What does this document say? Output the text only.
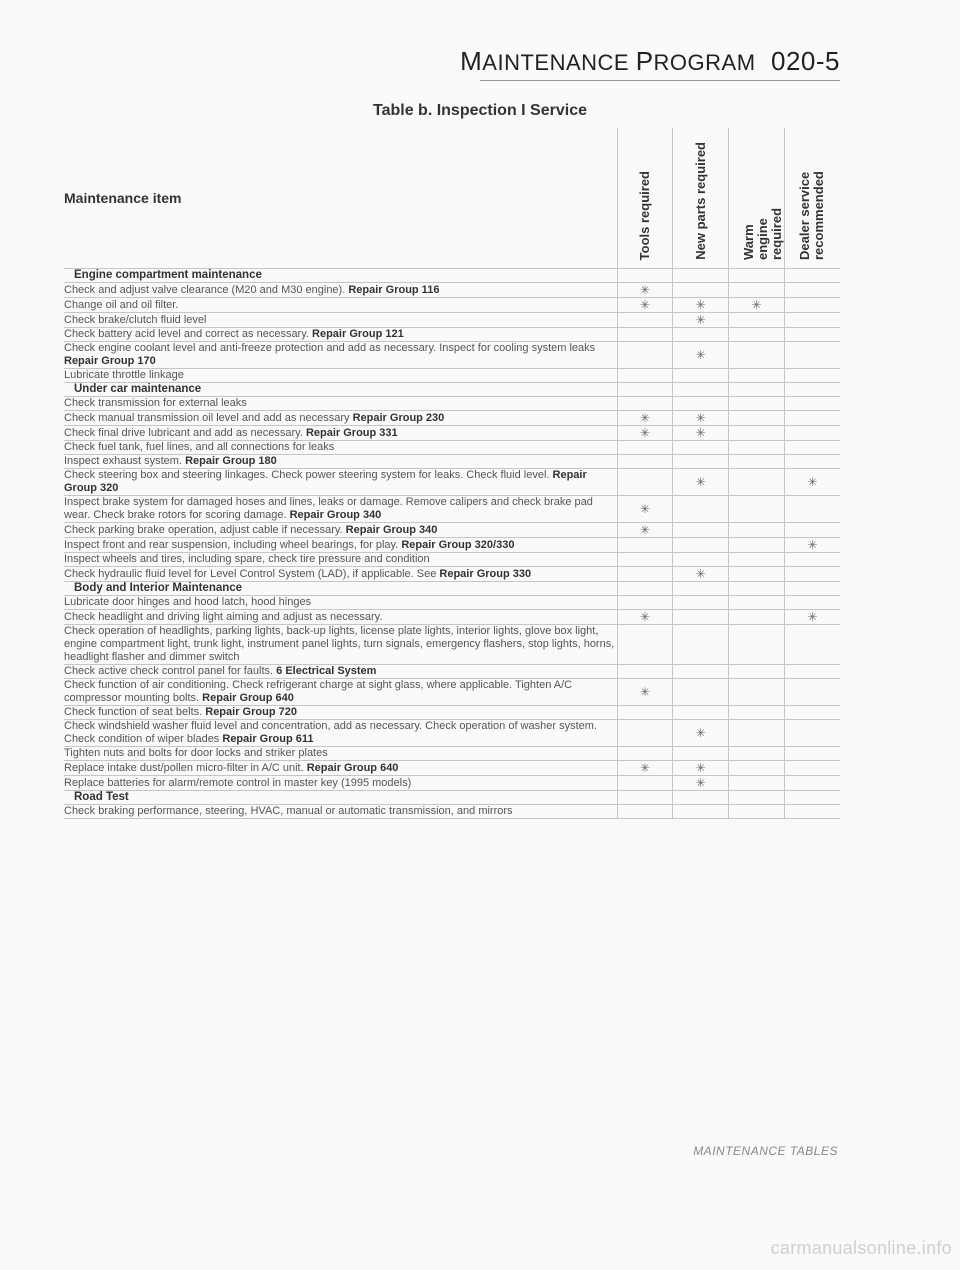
MAINTENANCE PROGRAM 020-5
Table b. Inspection I Service
Maintenance item	Tools required	New parts required	Warm engine required	Dealer service recommended

Engine compartment maintenance				
Check and adjust valve clearance (M20 and M30 engine). Repair Group 116	✳			
Change oil and oil filter.	✳	✳	✳	
Check brake/clutch fluid level		✳		
Check battery acid level and correct as necessary. Repair Group 121				
Check engine coolant level and anti-freeze protection and add as necessary. Inspect for cooling system leaks Repair Group 170		✳		
Lubricate throttle linkage				
Under car maintenance				
Check transmission for external leaks				
Check manual transmission oil level and add as necessary Repair Group 230	✳	✳		
Check final drive lubricant and add as necessary. Repair Group 331	✳	✳		
Check fuel tank, fuel lines, and all connections for leaks				
Inspect exhaust system. Repair Group 180				
Check steering box and steering linkages. Check power steering system for leaks. Check fluid level. Repair Group 320		✳		✳
Inspect brake system for damaged hoses and lines, leaks or damage. Remove calipers and check brake pad wear. Check brake rotors for scoring damage. Repair Group 340	✳			
Check parking brake operation, adjust cable if necessary. Repair Group 340	✳			
Inspect front and rear suspension, including wheel bearings, for play. Repair Group 320/330				✳
Inspect wheels and tires, including spare, check tire pressure and condition				
Check hydraulic fluid level for Level Control System (LAD), if applicable. See Repair Group 330		✳		
Body and Interior Maintenance				
Lubricate door hinges and hood latch, hood hinges				
Check headlight and driving light aiming and adjust as necessary.	✳			✳
Check operation of headlights, parking lights, back-up lights, license plate lights, interior lights, glove box light, engine compartment light, trunk light, instrument panel lights, turn signals, emergency flashers, stop lights, horns, headlight flasher and dimmer switch				
Check active check control panel for faults. 6 Electrical System				
Check function of air conditioning. Check refrigerant charge at sight glass, where applicable. Tighten A/C compressor mounting bolts. Repair Group 640	✳			
Check function of seat belts. Repair Group 720				
Check windshield washer fluid level and concentration, add as necessary. Check operation of washer system. Check condition of wiper blades Repair Group 611		✳		
Tighten nuts and bolts for door locks and striker plates				
Replace intake dust/pollen micro-filter in A/C unit. Repair Group 640	✳	✳		
Replace batteries for alarm/remote control in master key (1995 models)		✳		
Road Test				
Check braking performance, steering, HVAC, manual or automatic transmission, and mirrors				
MAINTENANCE TABLES
carmanualsonline.info
